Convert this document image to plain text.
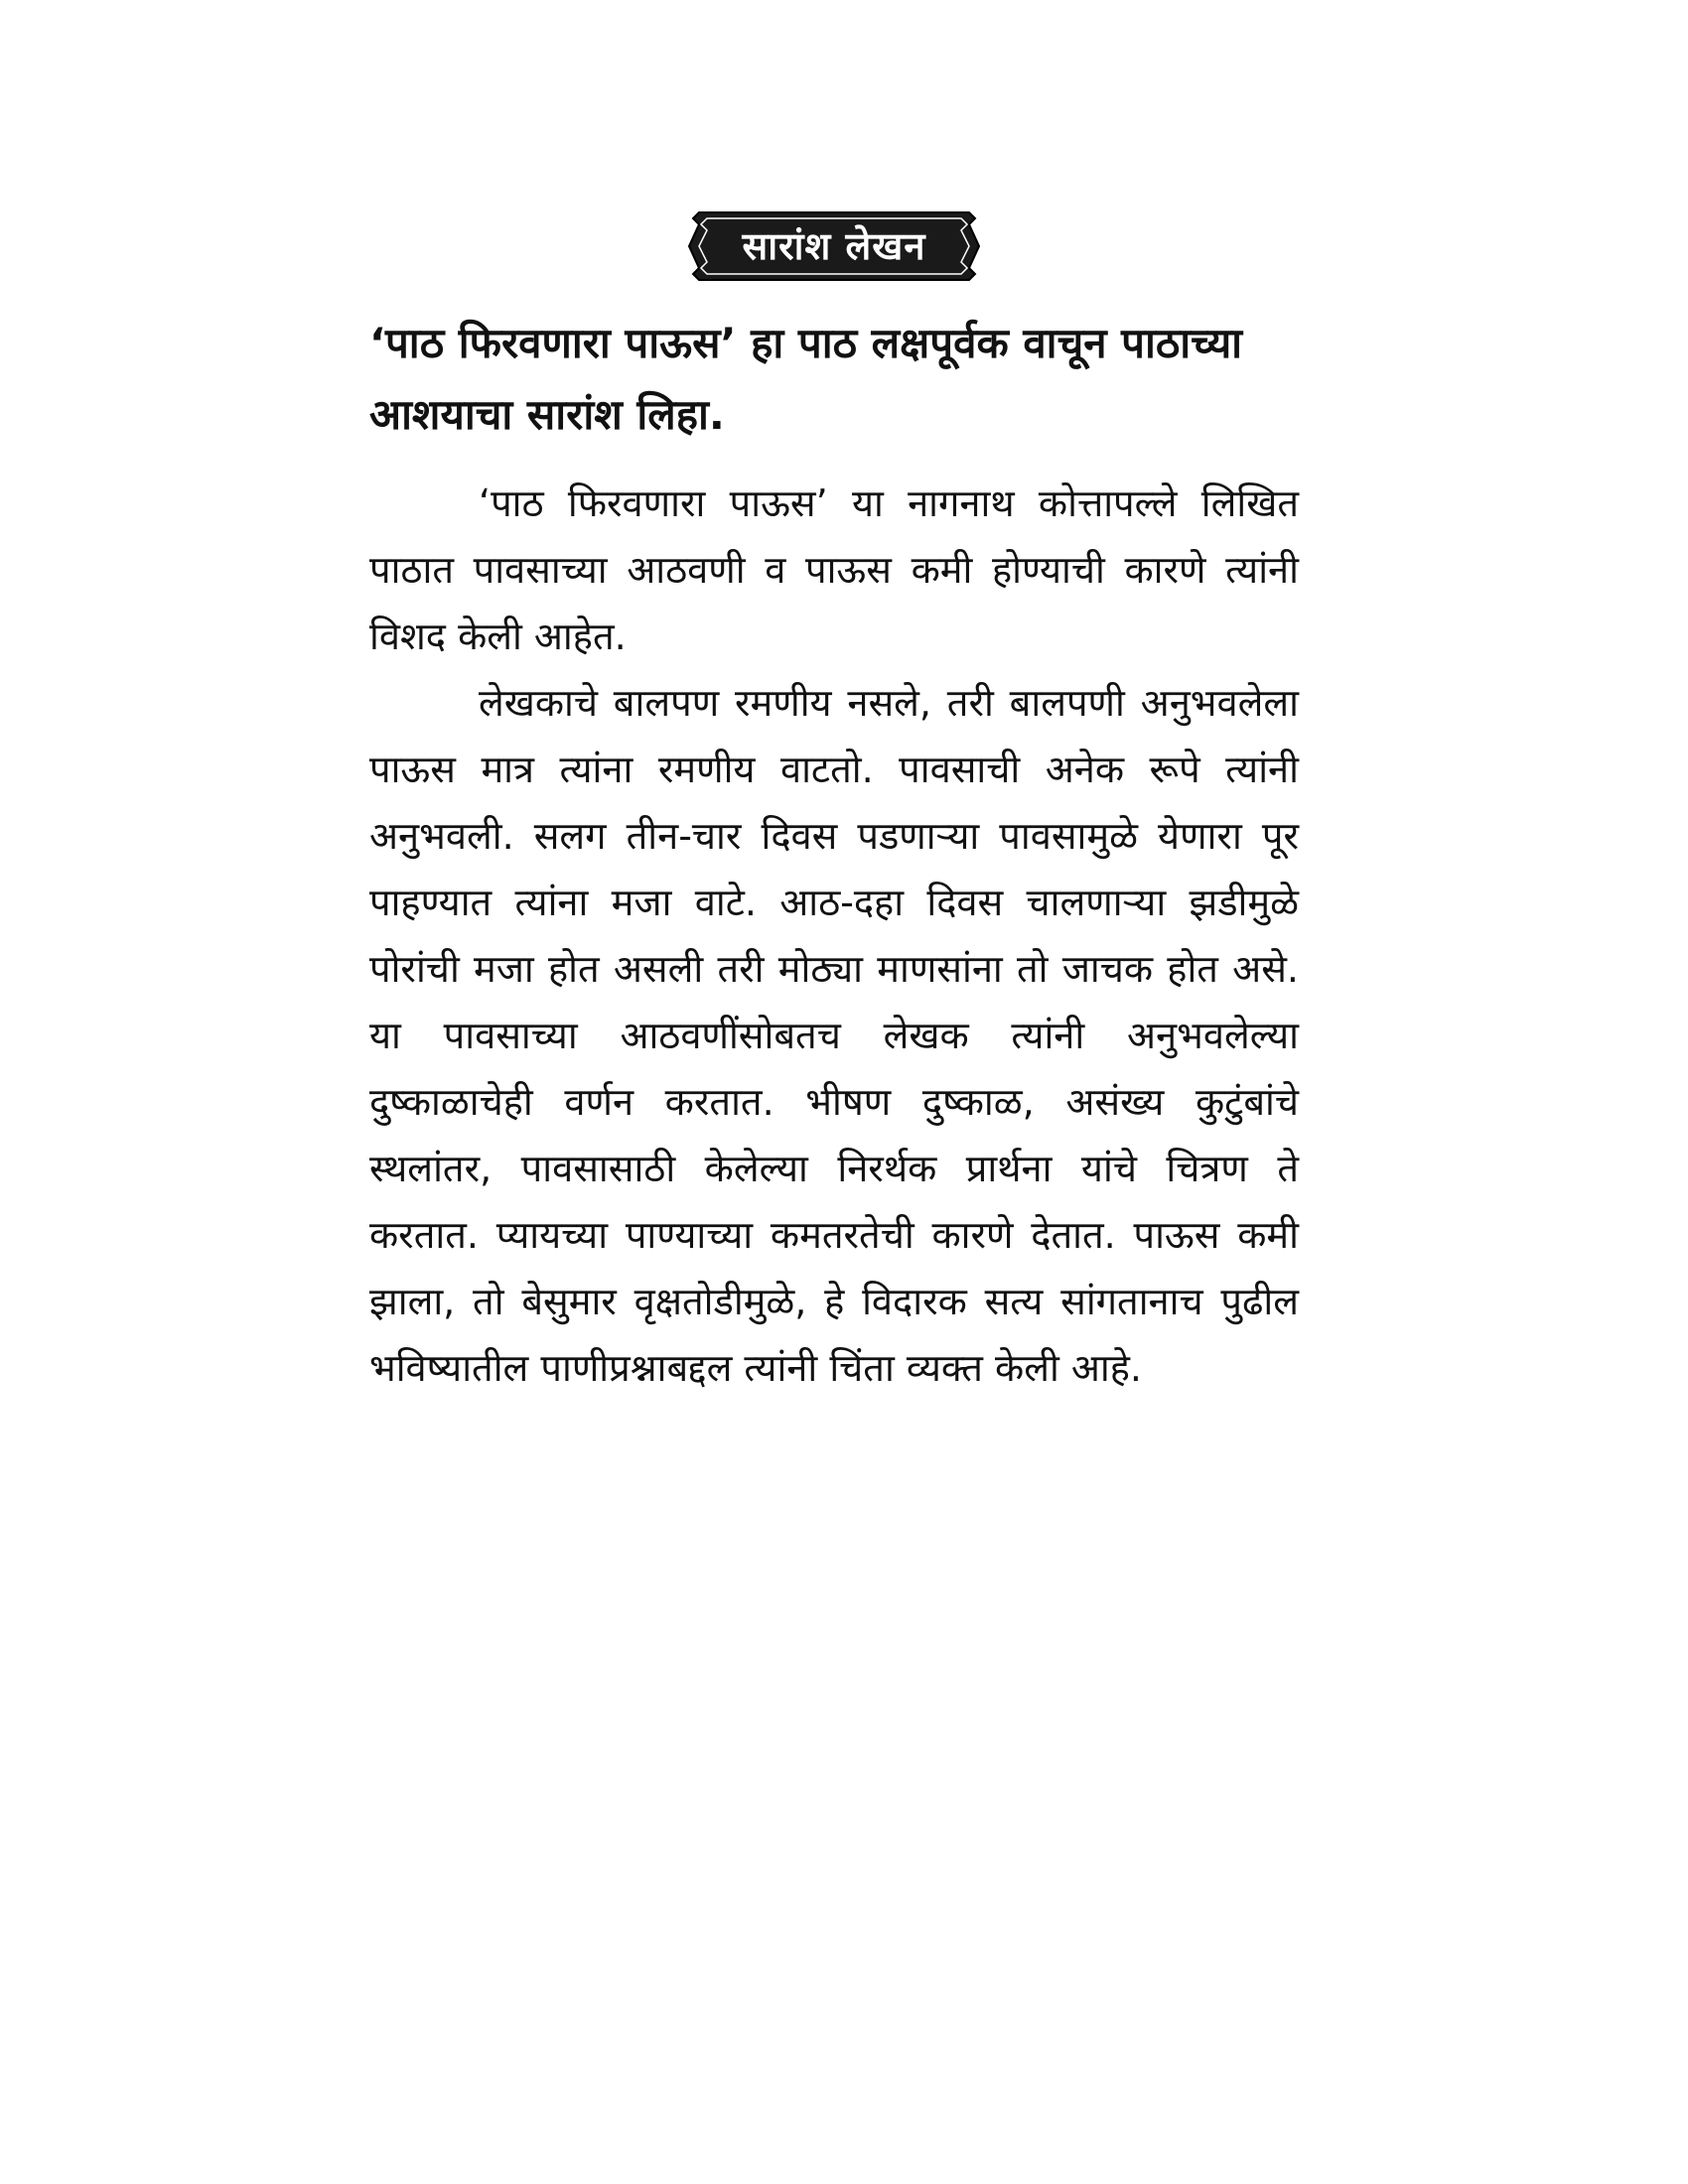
सारांश लेखन

‘पाठ फिरवणारा पाऊस’ हा पाठ लक्षपूर्वक वाचून पाठाच्या आशयाचा सारांश लिहा.

‘पाठ फिरवणारा पाऊस’ या नागनाथ कोत्तापल्ले लिखित पाठात पावसाच्या आठवणी व पाऊस कमी होण्याची कारणे त्यांनी विशद केली आहेत.

लेखकाचे बालपण रमणीय नसले, तरी बालपणी अनुभवलेला पाऊस मात्र त्यांना रमणीय वाटतो. पावसाची अनेक रूपे त्यांनी अनुभवली. सलग तीन-चार दिवस पडणाऱ्या पावसामुळे येणारा पूर पाहण्यात त्यांना मजा वाटे. आठ-दहा दिवस चालणाऱ्या झडीमुळे पोरांची मजा होत असली तरी मोठ्या माणसांना तो जाचक होत असे. या पावसाच्या आठवणींसोबतच लेखक त्यांनी अनुभवलेल्या दुष्काळाचेही वर्णन करतात. भीषण दुष्काळ, असंख्य कुटुंबांचे स्थलांतर, पावसासाठी केलेल्या निरर्थक प्रार्थना यांचे चित्रण ते करतात. प्यायच्या पाण्याच्या कमतरतेची कारणे देतात. पाऊस कमी झाला, तो बेसुमार वृक्षतोडीमुळे, हे विदारक सत्य सांगतानाच पुढील भविष्यातील पाणीप्रश्नाबद्दल त्यांनी चिंता व्यक्त केली आहे.
